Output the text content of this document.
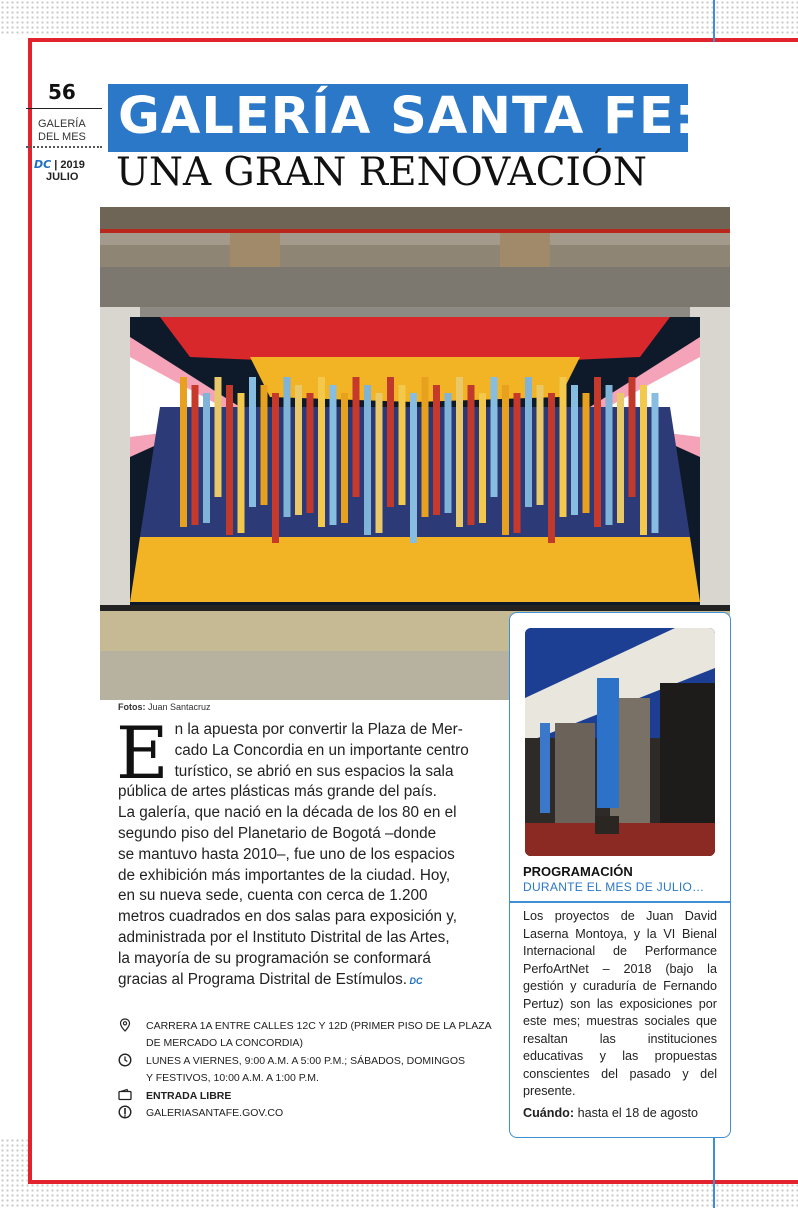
56
GALERÍA DEL MES
DC | 2019
JULIO
GALERÍA SANTA FE:
UNA GRAN RENOVACIÓN
Fotos: Juan Santacruz
E n la apuesta por convertir la Plaza de Mer-
cado La Concordia en un importante centro
turístico, se abrió en sus espacios la sala
pública de artes plásticas más grande del país.
La galería, que nació en la década de los 80 en el
segundo piso del Planetario de Bogotá –donde
se mantuvo hasta 2010–, fue uno de los espacios
de exhibición más importantes de la ciudad. Hoy,
en su nueva sede, cuenta con cerca de 1.200
metros cuadrados en dos salas para exposición y,
administrada por el Instituto Distrital de las Artes,
la mayoría de su programación se conformará
gracias al Programa Distrital de Estímulos. DC
CARRERA 1A ENTRE CALLES 12C Y 12D (PRIMER PISO DE LA PLAZA
DE MERCADO LA CONCORDIA)
LUNES A VIERNES, 9:00 A.M. A 5:00 P.M.; SÁBADOS, DOMINGOS
Y FESTIVOS, 10:00 A.M. A 1:00 P.M.
ENTRADA LIBRE
GALERIASANTAFE.GOV.CO
PROGRAMACIÓN
DURANTE EL MES DE JULIO…
Los proyectos de Juan David Laserna Montoya, y la VI Bienal Internacional de Performance PerfoArtNet – 2018 (bajo la gestión y curaduría de Fernando Pertuz) son las exposiciones por este mes; muestras sociales que resaltan las instituciones educativas y las propuestas conscientes del pasado y del presente.
Cuándo: hasta el 18 de agosto
